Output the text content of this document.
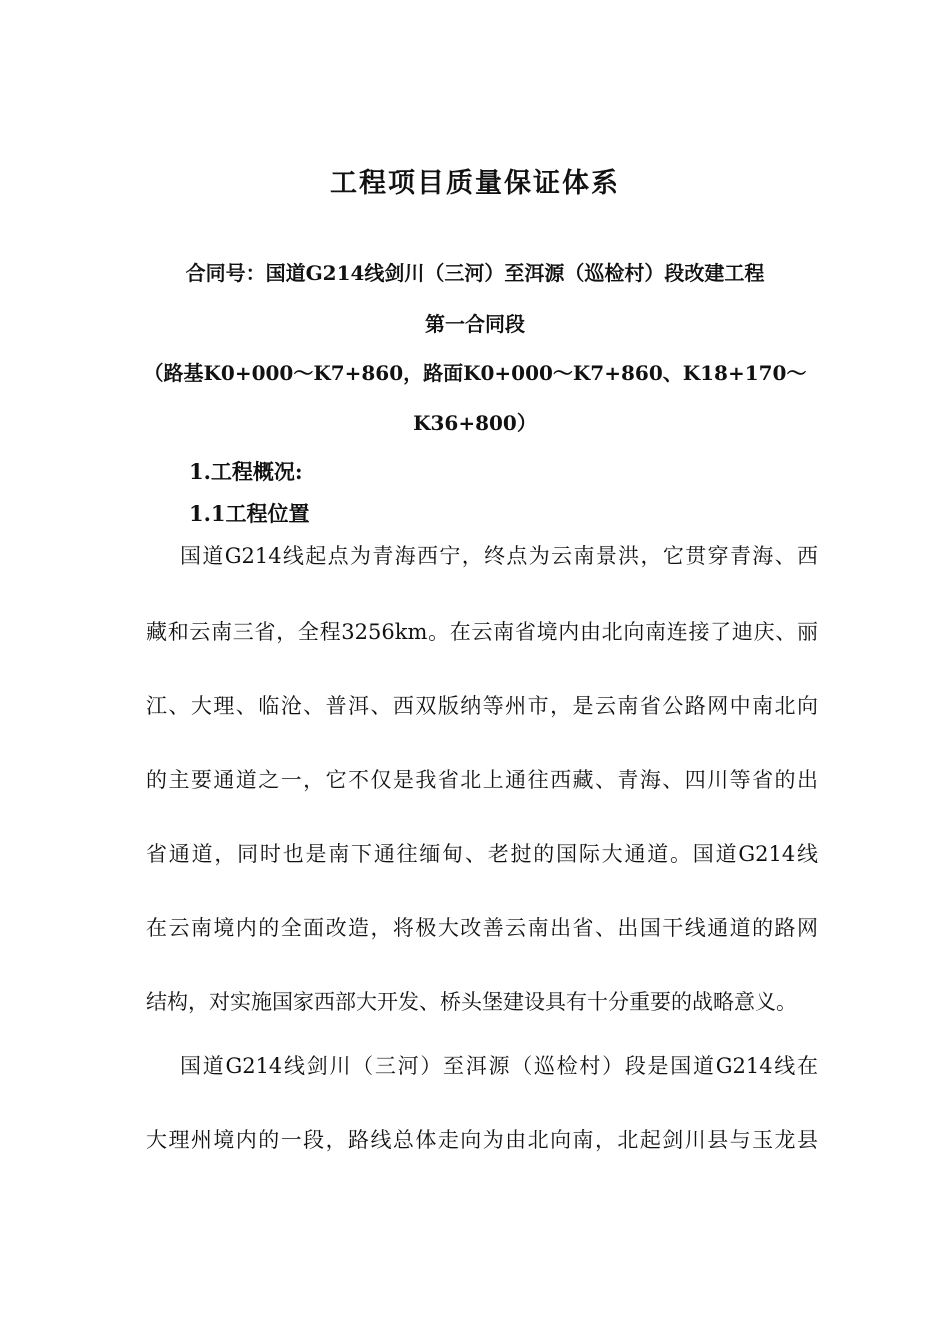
工程项目质量保证体系
合同号：国道G214线剑川（三河）至洱源（巡检村）段改建工程
第一合同段
（路基K0+000～K7+860，路面K0+000～K7+860、K18+170～
K36+800）
1.工程概况:
1.1工程位置
国道G214线起点为青海西宁，终点为云南景洪，它贯穿青海、西
藏和云南三省，全程3256km。在云南省境内由北向南连接了迪庆、丽
江、大理、临沧、普洱、西双版纳等州市，是云南省公路网中南北向
的主要通道之一，它不仅是我省北上通往西藏、青海、四川等省的出
省通道，同时也是南下通往缅甸、老挝的国际大通道。国道G214线
在云南境内的全面改造，将极大改善云南出省、出国干线通道的路网
结构，对实施国家西部大开发、桥头堡建设具有十分重要的战略意义。
国道G214线剑川（三河）至洱源（巡检村）段是国道G214线在
大理州境内的一段，路线总体走向为由北向南，北起剑川县与玉龙县
